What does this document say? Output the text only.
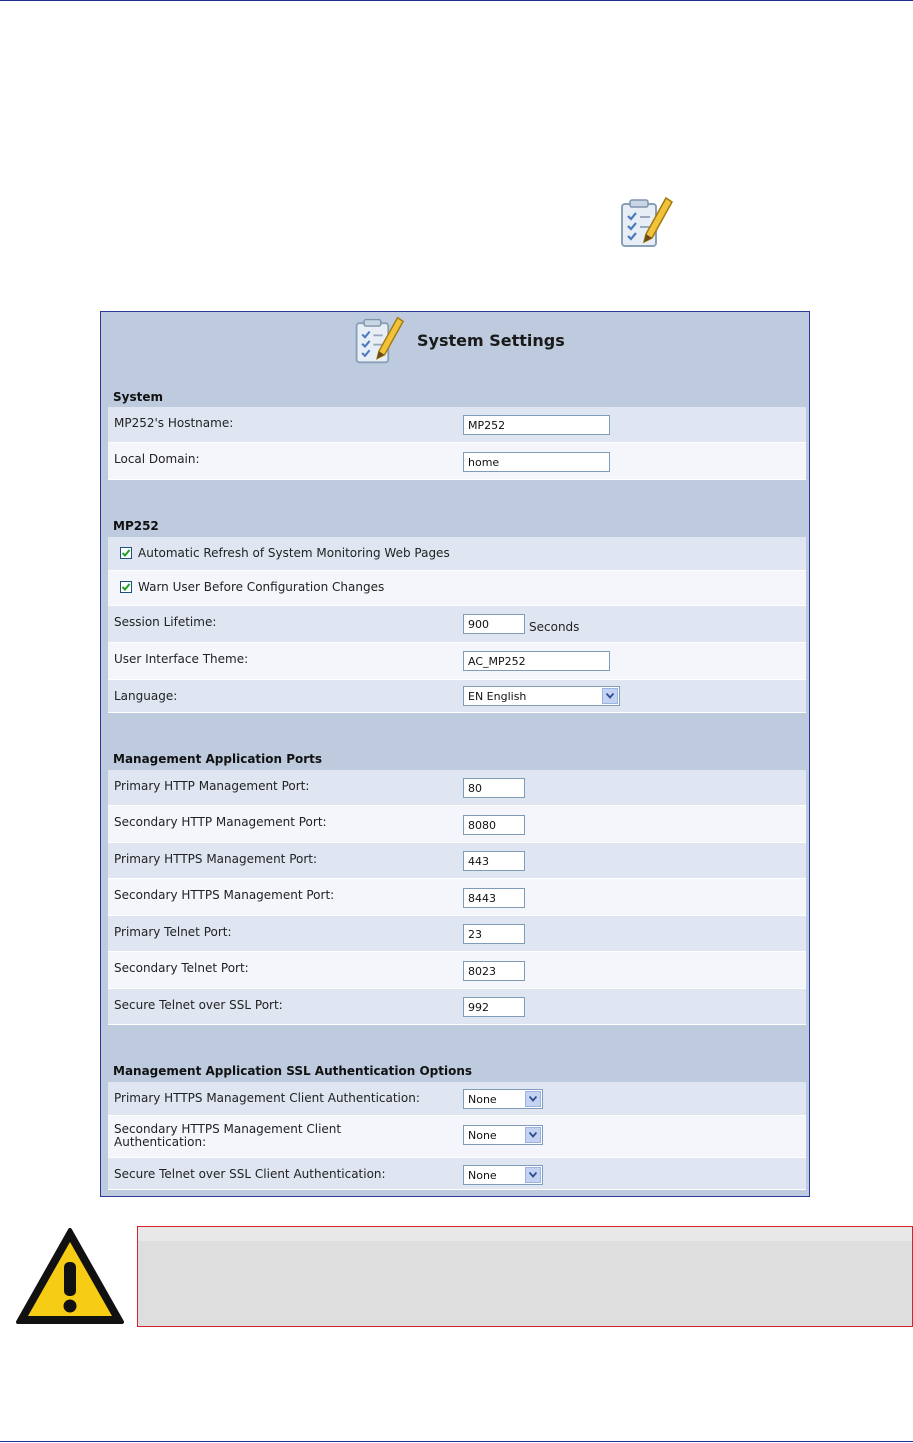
System Settings
System
MP252's Hostname:	MP252
Local Domain:	home
MP252
Automatic Refresh of System Monitoring Web Pages
Warn User Before Configuration Changes
Session Lifetime:	900	Seconds
User Interface Theme:	AC_MP252
Language:	EN English
Management Application Ports
Primary HTTP Management Port:	80
Secondary HTTP Management Port:	8080
Primary HTTPS Management Port:	443
Secondary HTTPS Management Port:	8443
Primary Telnet Port:	23
Secondary Telnet Port:	8023
Secure Telnet over SSL Port:	992
Management Application SSL Authentication Options
Primary HTTPS Management Client Authentication:	None
Secondary HTTPS Management Client Authentication:	None
Secure Telnet over SSL Client Authentication:	None
